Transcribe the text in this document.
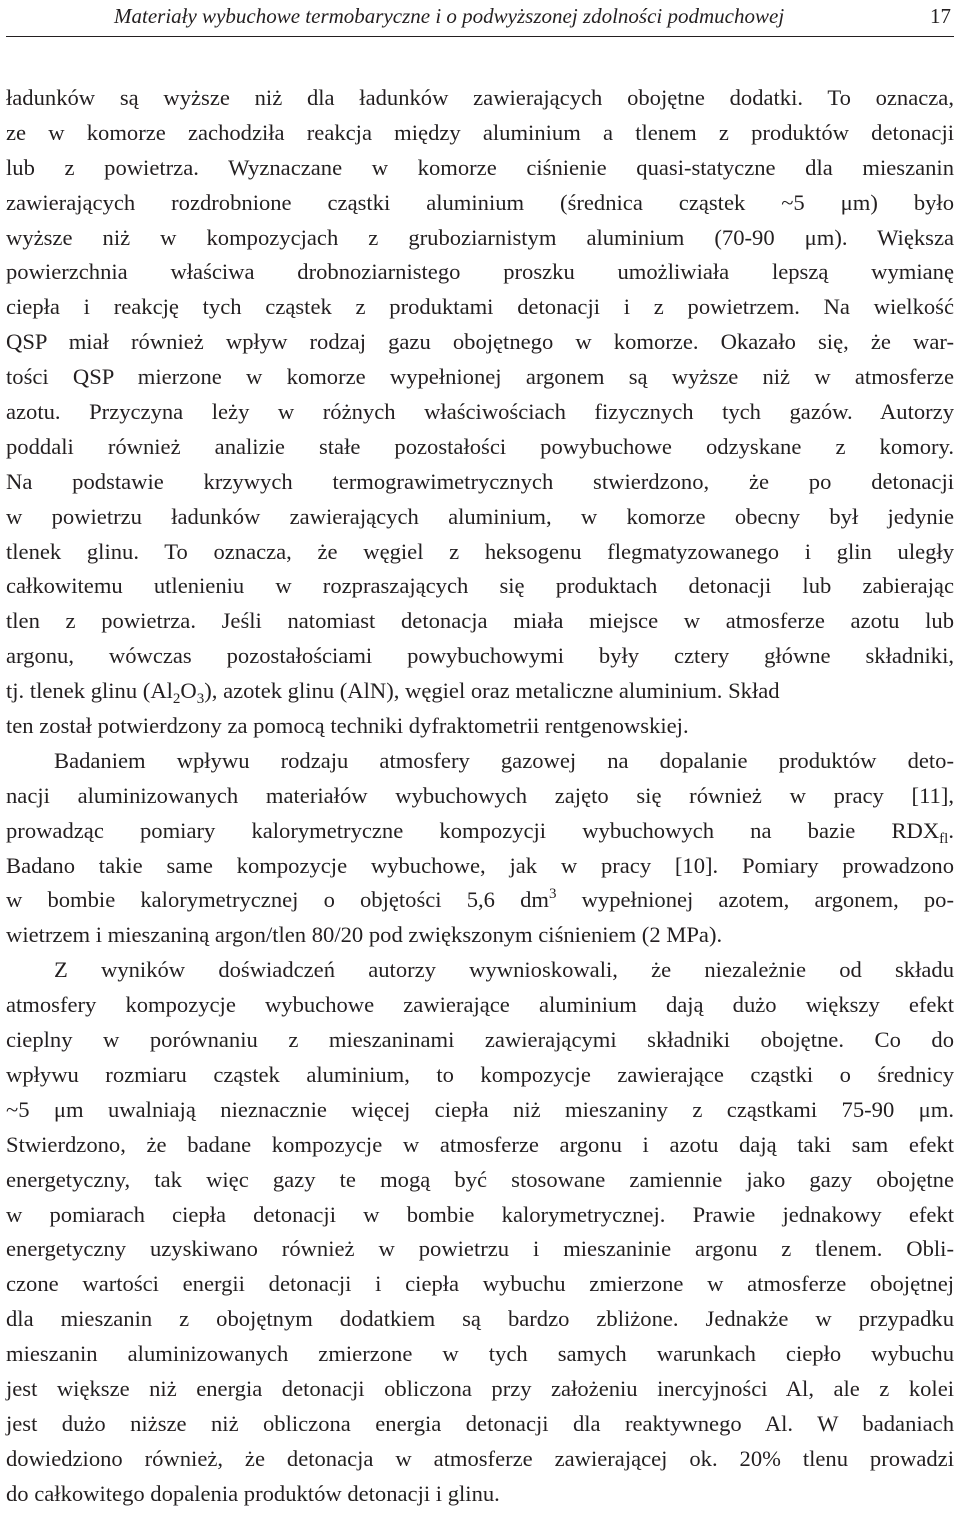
Materiały wybuchowe termobaryczne i o podwyższonej zdolności podmuchowej	17
ładunków są wyższe niż dla ładunków zawierających obojętne dodatki. To oznacza,
ze w komorze zachodziła reakcja między aluminium a tlenem z produktów detonacji
lub z powietrza. Wyznaczane w komorze ciśnienie quasi-statyczne dla mieszanin
zawierających rozdrobnione cząstki aluminium (średnica cząstek ~5 μm) było
wyższe niż w kompozycjach z gruboziarnistym aluminium (70-90 μm). Większa
powierzchnia właściwa drobnoziarnistego proszku umożliwiała lepszą wymianę
ciepła i reakcję tych cząstek z produktami detonacji i z powietrzem. Na wielkość
QSP miał również wpływ rodzaj gazu obojętnego w komorze. Okazało się, że war-
tości QSP mierzone w komorze wypełnionej argonem są wyższe niż w atmosferze
azotu. Przyczyna leży w różnych właściwościach fizycznych tych gazów. Autorzy
poddali również analizie stałe pozostałości powybuchowe odzyskane z komory.
Na podstawie krzywych termograwimetrycznych stwierdzono, że po detonacji
w powietrzu ładunków zawierających aluminium, w komorze obecny był jedynie
tlenek glinu. To oznacza, że węgiel z heksogenu flegmatyzowanego i glin uległy
całkowitemu utlenieniu w rozpraszających się produktach detonacji lub zabierając
tlen z powietrza. Jeśli natomiast detonacja miała miejsce w atmosferze azotu lub
argonu, wówczas pozostałościami powybuchowymi były cztery główne składniki,
tj. tlenek glinu $(Al_2O_3)$, azotek glinu (AlN), węgiel oraz metaliczne aluminium. Skład
ten został potwierdzony za pomocą techniki dyfraktometrii rentgenowskiej.
Badaniem wpływu rodzaju atmosfery gazowej na dopalanie produktów deto-
nacji aluminizowanych materiałów wybuchowych zajęto się również w pracy [11],
prowadząc pomiary kalorymetryczne kompozycji wybuchowych na bazie $RDX_{fl}$.
Badano takie same kompozycje wybuchowe, jak w pracy [10]. Pomiary prowadzono
w bombie kalorymetrycznej o objętości 5,6 $dm^3$ wypełnionej azotem, argonem, po-
wietrzem i mieszaniną argon/tlen 80/20 pod zwiększonym ciśnieniem (2 MPa).
Z wyników doświadczeń autorzy wywnioskowali, że niezależnie od składu
atmosfery kompozycje wybuchowe zawierające aluminium dają dużo większy efekt
cieplny w porównaniu z mieszaninami zawierającymi składniki obojętne. Co do
wpływu rozmiaru cząstek aluminium, to kompozycje zawierające cząstki o średnicy
~5 μm uwalniają nieznacznie więcej ciepła niż mieszaniny z cząstkami 75-90 μm.
Stwierdzono, że badane kompozycje w atmosferze argonu i azotu dają taki sam efekt
energetyczny, tak więc gazy te mogą być stosowane zamiennie jako gazy obojętne
w pomiarach ciepła detonacji w bombie kalorymetrycznej. Prawie jednakowy efekt
energetyczny uzyskiwano również w powietrzu i mieszaninie argonu z tlenem. Obli-
czone wartości energii detonacji i ciepła wybuchu zmierzone w atmosferze obojętnej
dla mieszanin z obojętnym dodatkiem są bardzo zbliżone. Jednakże w przypadku
mieszanin aluminizowanych zmierzone w tych samych warunkach ciepło wybuchu
jest większe niż energia detonacji obliczona przy założeniu inercyjności Al, ale z kolei
jest dużo niższe niż obliczona energia detonacji dla reaktywnego Al. W badaniach
dowiedziono również, że detonacja w atmosferze zawierającej ok. 20% tlenu prowadzi
do całkowitego dopalenia produktów detonacji i glinu.
